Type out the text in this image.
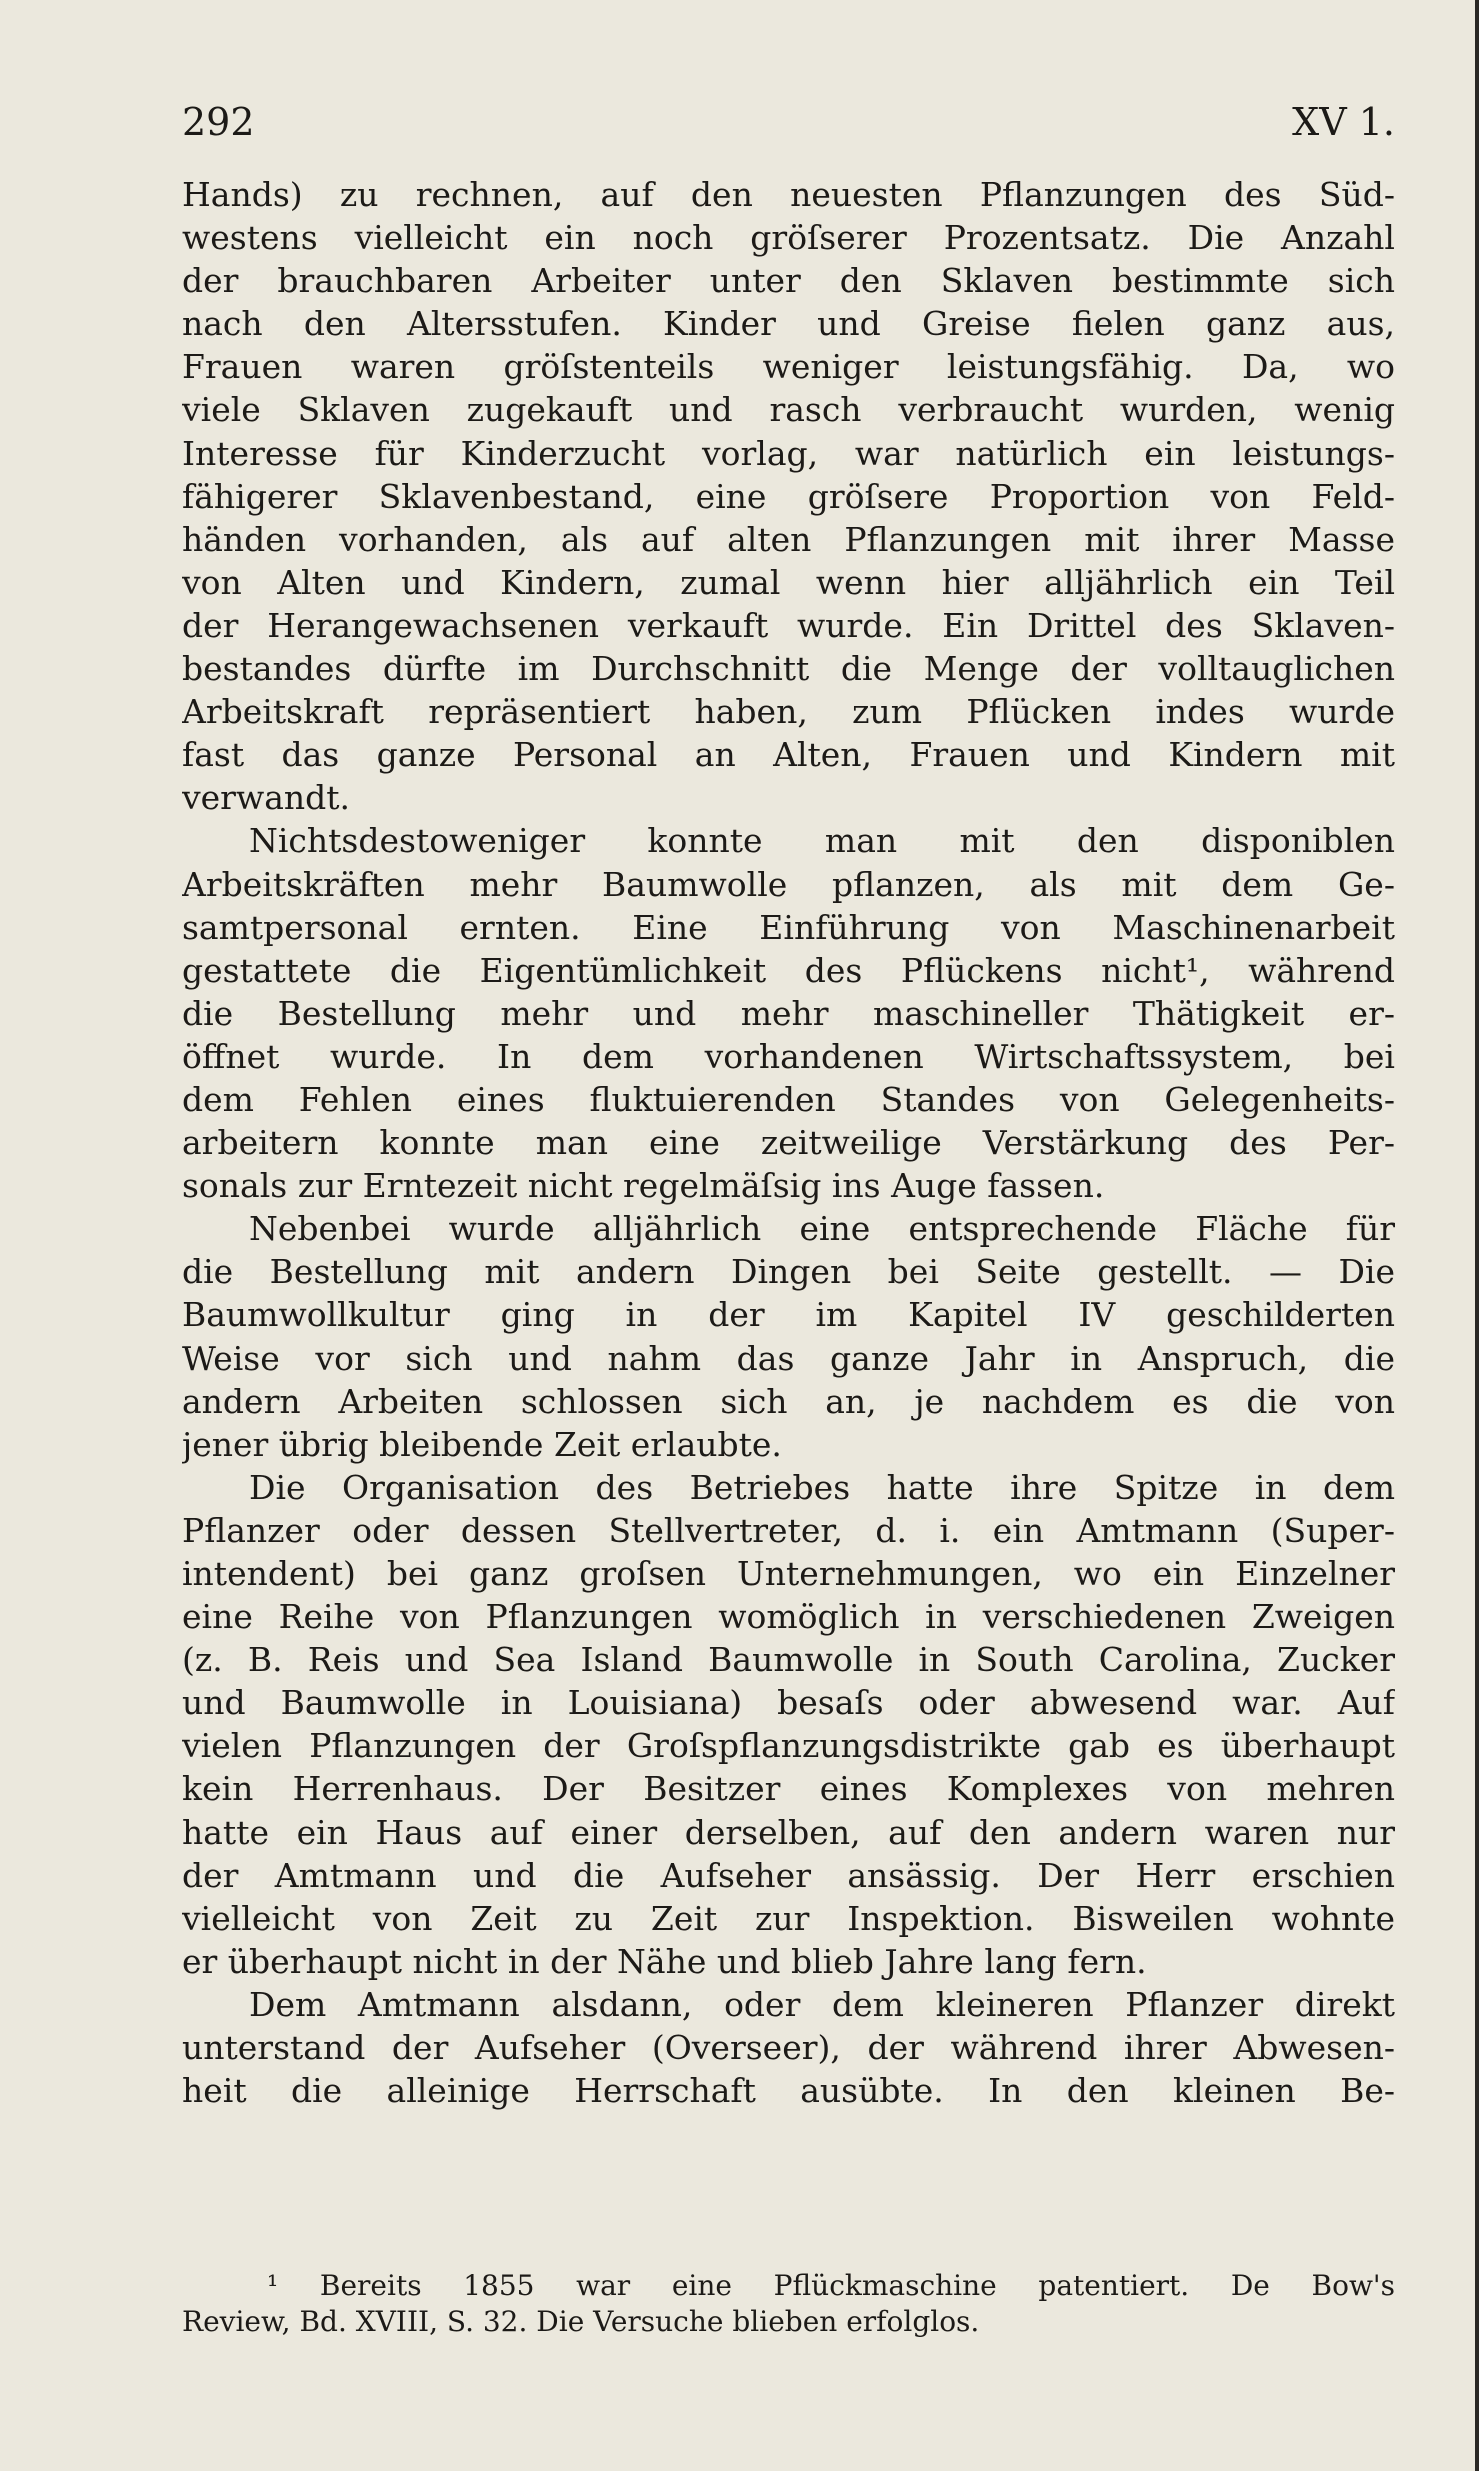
292	XV 1.
Hands) zu rechnen, auf den neuesten Pflanzungen des Süd-
westens vielleicht ein noch gröſserer Prozentsatz. Die Anzahl
der brauchbaren Arbeiter unter den Sklaven bestimmte sich
nach den Altersstufen. Kinder und Greise fielen ganz aus,
Frauen waren gröſstenteils weniger leistungsfähig. Da, wo
viele Sklaven zugekauft und rasch verbraucht wurden, wenig
Interesse für Kinderzucht vorlag, war natürlich ein leistungs-
fähigerer Sklavenbestand, eine gröſsere Proportion von Feld-
händen vorhanden, als auf alten Pflanzungen mit ihrer Masse
von Alten und Kindern, zumal wenn hier alljährlich ein Teil
der Herangewachsenen verkauft wurde. Ein Drittel des Sklaven-
bestandes dürfte im Durchschnitt die Menge der volltauglichen
Arbeitskraft repräsentiert haben, zum Pflücken indes wurde
fast das ganze Personal an Alten, Frauen und Kindern mit
verwandt.
Nichtsdestoweniger konnte man mit den disponiblen
Arbeitskräften mehr Baumwolle pflanzen, als mit dem Ge-
samtpersonal ernten. Eine Einführung von Maschinenarbeit
gestattete die Eigentümlichkeit des Pflückens nicht¹, während
die Bestellung mehr und mehr maschineller Thätigkeit er-
öffnet wurde. In dem vorhandenen Wirtschaftssystem, bei
dem Fehlen eines fluktuierenden Standes von Gelegenheits-
arbeitern konnte man eine zeitweilige Verstärkung des Per-
sonals zur Erntezeit nicht regelmäſsig ins Auge fassen.
Nebenbei wurde alljährlich eine entsprechende Fläche für
die Bestellung mit andern Dingen bei Seite gestellt. — Die
Baumwollkultur ging in der im Kapitel IV geschilderten
Weise vor sich und nahm das ganze Jahr in Anspruch, die
andern Arbeiten schlossen sich an, je nachdem es die von
jener übrig bleibende Zeit erlaubte.
Die Organisation des Betriebes hatte ihre Spitze in dem
Pflanzer oder dessen Stellvertreter, d. i. ein Amtmann (Super-
intendent) bei ganz groſsen Unternehmungen, wo ein Einzelner
eine Reihe von Pflanzungen womöglich in verschiedenen Zweigen
(z. B. Reis und Sea Island Baumwolle in South Carolina, Zucker
und Baumwolle in Louisiana) besaſs oder abwesend war. Auf
vielen Pflanzungen der Groſspflanzungsdistrikte gab es überhaupt
kein Herrenhaus. Der Besitzer eines Komplexes von mehren
hatte ein Haus auf einer derselben, auf den andern waren nur
der Amtmann und die Aufseher ansässig. Der Herr erschien
vielleicht von Zeit zu Zeit zur Inspektion. Bisweilen wohnte
er überhaupt nicht in der Nähe und blieb Jahre lang fern.
Dem Amtmann alsdann, oder dem kleineren Pflanzer direkt
unterstand der Aufseher (Overseer), der während ihrer Abwesen-
heit die alleinige Herrschaft ausübte. In den kleinen Be-
¹ Bereits 1855 war eine Pflückmaschine patentiert. De Bow's
Review, Bd. XVIII, S. 32. Die Versuche blieben erfolglos.
